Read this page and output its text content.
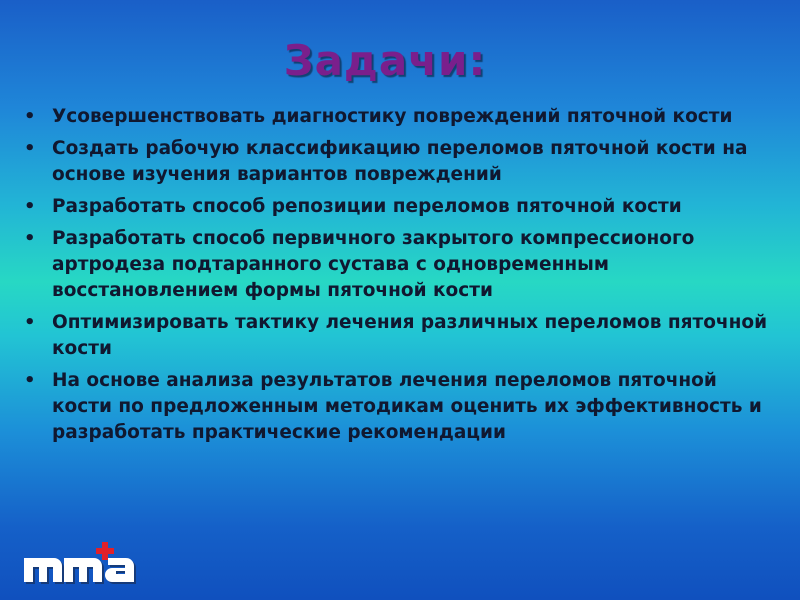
Задачи:
• Усовершенствовать диагностику повреждений пяточной кости
• Создать рабочую классификацию переломов пяточной кости на основе изучения вариантов повреждений
• Разработать способ репозиции переломов пяточной кости
• Разработать способ первичного закрытого компрессионого артродеза подтаранного сустава с одновременным восстановлением формы пяточной кости
• Оптимизировать тактику лечения различных переломов пяточной кости
• На основе анализа результатов лечения переломов пяточной кости по предложенным методикам оценить их эффективность и разработать практические рекомендации
